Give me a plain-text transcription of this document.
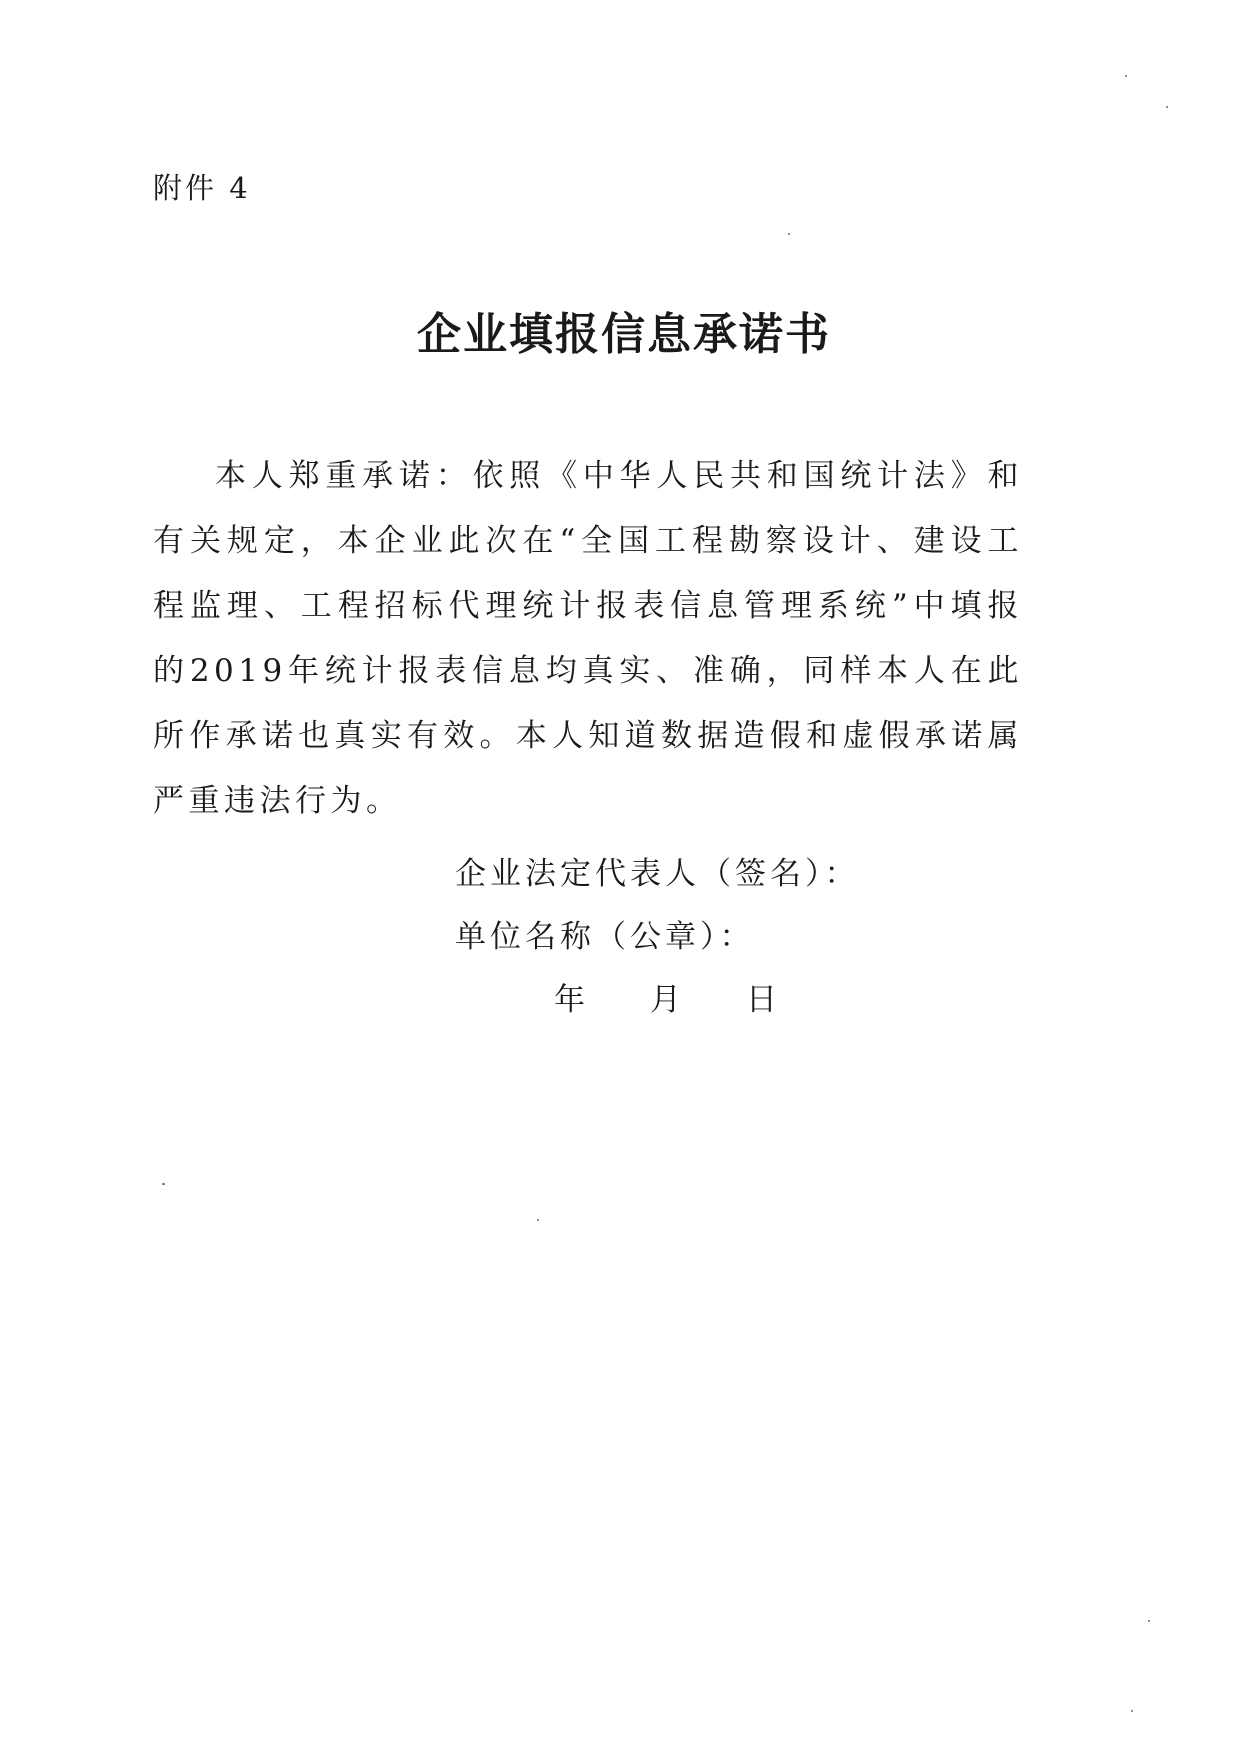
附件 4
企业填报信息承诺书
本人郑重承诺：依照《中华人民共和国统计法》和有关规定，本企业此次在“全国工程勘察设计、建设工程监理、工程招标代理统计报表信息管理系统”中填报的2019年统计报表信息均真实、准确，同样本人在此所作承诺也真实有效。本人知道数据造假和虚假承诺属严重违法行为。
企业法定代表人（签名）：
单位名称（公章）：
年 月 日
